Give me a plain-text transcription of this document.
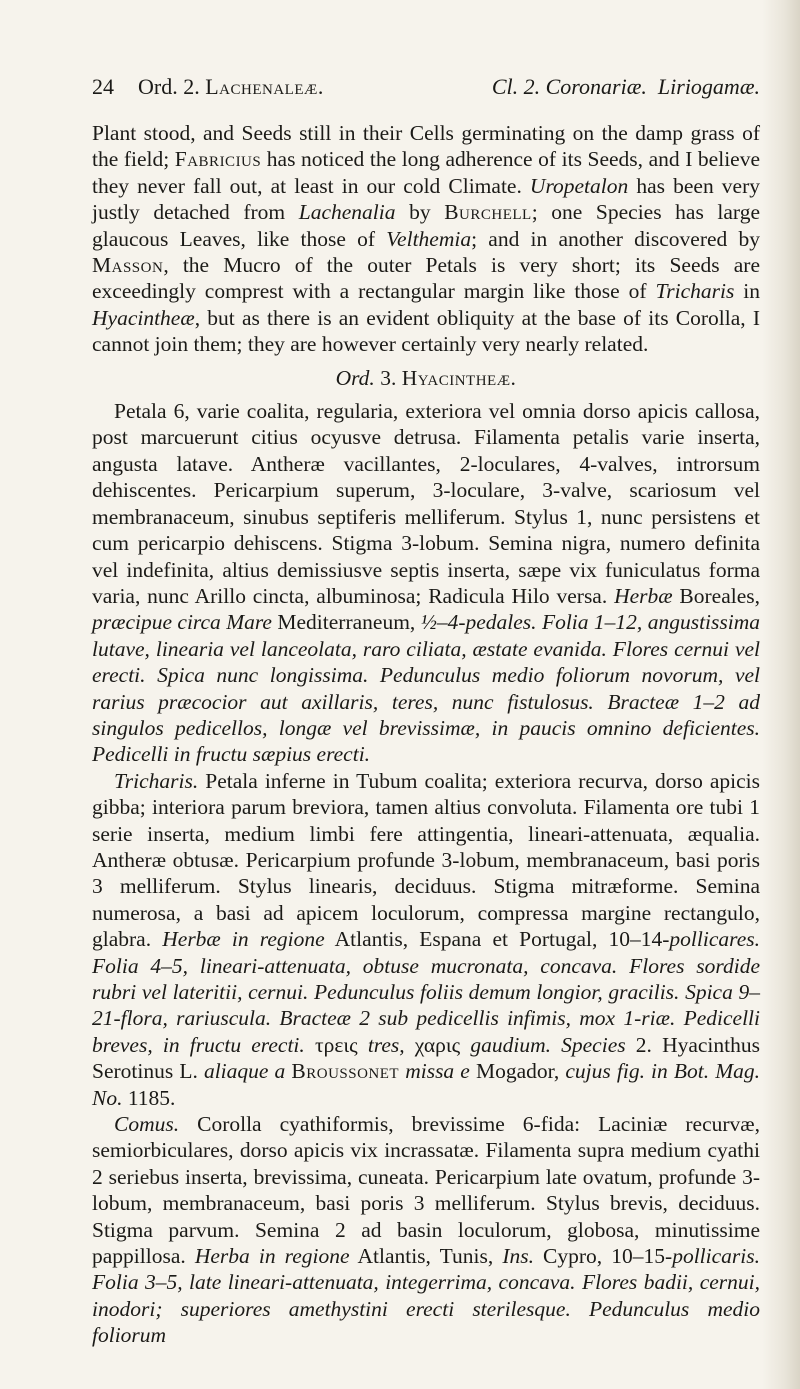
24 Ord. 2. Lachenaleæ.	Cl. 2. Coronariæ. Liriogamæ.

Plant stood, and Seeds still in their Cells germinating on the damp grass of the field; Fabricius has noticed the long adherence of its Seeds, and I believe they never fall out, at least in our cold Climate. Uropetalon has been very justly detached from Lachenalia by Burchell; one Species has large glaucous Leaves, like those of Velthemia; and in another discovered by Masson, the Mucro of the outer Petals is very short; its Seeds are exceedingly comprest with a rectangular margin like those of Tricharis in Hyacintheæ, but as there is an evident obliquity at the base of its Corolla, I cannot join them; they are however certainly very nearly related.

Ord. 3. Hyacintheæ.

Petala 6, varie coalita, regularia, exteriora vel omnia dorso apicis callosa, post marcuerunt citius ocyusve detrusa. Filamenta petalis varie inserta, angusta latave. Antheræ vacillantes, 2-loculares, 4-valves, introrsum dehiscentes. Pericarpium superum, 3-loculare, 3-valve, scariosum vel membranaceum, sinubus septiferis melliferum. Stylus 1, nunc persistens et cum pericarpio dehiscens. Stigma 3-lobum. Semina nigra, numero definita vel indefinita, altius demissiusve septis inserta, sæpe vix funiculatus forma varia, nunc Arillo cincta, albuminosa; Radicula Hilo versa. Herbæ Boreales, præcipue circa Mare Mediterraneum, ½–4-pedales. Folia 1–12, angustissima lutave, linearia vel lanceolata, raro ciliata, æstate evanida. Flores cernui vel erecti. Spica nunc longissima. Pedunculus medio foliorum novorum, vel rarius præcocior aut axillaris, teres, nunc fistulosus. Bracteæ 1–2 ad singulos pedicellos, longæ vel brevissimæ, in paucis omnino deficientes. Pedicelli in fructu sæpius erecti.

Tricharis. Petala inferne in Tubum coalita; exteriora recurva, dorso apicis gibba; interiora parum breviora, tamen altius convoluta. Filamenta ore tubi 1 serie inserta, medium limbi fere attingentia, lineari-attenuata, æqualia. Antheræ obtusæ. Pericarpium profunde 3-lobum, membranaceum, basi poris 3 melliferum. Stylus linearis, deciduus. Stigma mitræforme. Semina numerosa, a basi ad apicem loculorum, compressa margine rectangulo, glabra. Herbæ in regione Atlantis, Espana et Portugal, 10–14-pollicares. Folia 4–5, lineari-attenuata, obtuse mucronata, concava. Flores sordide rubri vel lateritii, cernui. Pedunculus foliis demum longior, gracilis. Spica 9–21-flora, rariuscula. Bracteæ 2 sub pedicellis infimis, mox 1-riæ. Pedicelli breves, in fructu erecti. τρεις tres, χαρις gaudium. Species 2. Hyacinthus Serotinus L. aliaque a Broussonet missa e Mogador, cujus fig. in Bot. Mag. No. 1185.

Comus. Corolla cyathiformis, brevissime 6-fida: Laciniæ recurvæ, semiorbiculares, dorso apicis vix incrassatæ. Filamenta supra medium cyathi 2 seriebus inserta, brevissima, cuneata. Pericarpium late ovatum, profunde 3-lobum, membranaceum, basi poris 3 melliferum. Stylus brevis, deciduus. Stigma parvum. Semina 2 ad basin loculorum, globosa, minutissime pappillosa. Herba in regione Atlantis, Tunis, Ins. Cypro, 10–15-pollicaris. Folia 3–5, late lineari-attenuata, integerrima, concava. Flores badii, cernui, inodori; superiores amethystini erecti sterilesque. Pedunculus medio foliorum
